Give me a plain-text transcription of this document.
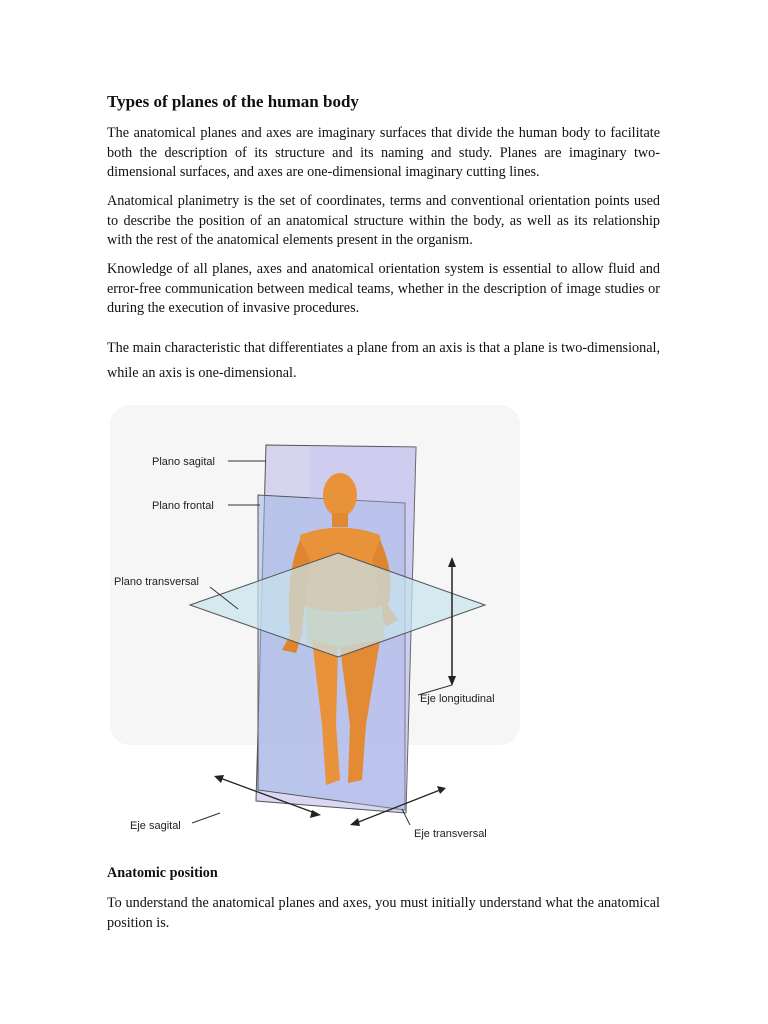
Types of planes of the human body

The anatomical planes and axes are imaginary surfaces that divide the human body to facilitate both the description of its structure and its naming and study. Planes are imaginary two-dimensional surfaces, and axes are one-dimensional imaginary cutting lines.

Anatomical planimetry is the set of coordinates, terms and conventional orientation points used to describe the position of an anatomical structure within the body, as well as its relationship with the rest of the anatomical elements present in the organism.

Knowledge of all planes, axes and anatomical orientation system is essential to allow fluid and error-free communication between medical teams, whether in the description of image studies or during the execution of invasive procedures.

The main characteristic that differentiates a plane from an axis is that a plane is two-dimensional, while an axis is one-dimensional.

Plano sagital
Plano frontal
Plano transversal
Eje longitudinal
Eje sagital
Eje transversal
Anatomic position

To understand the anatomical planes and axes, you must initially understand what the anatomical position is.
